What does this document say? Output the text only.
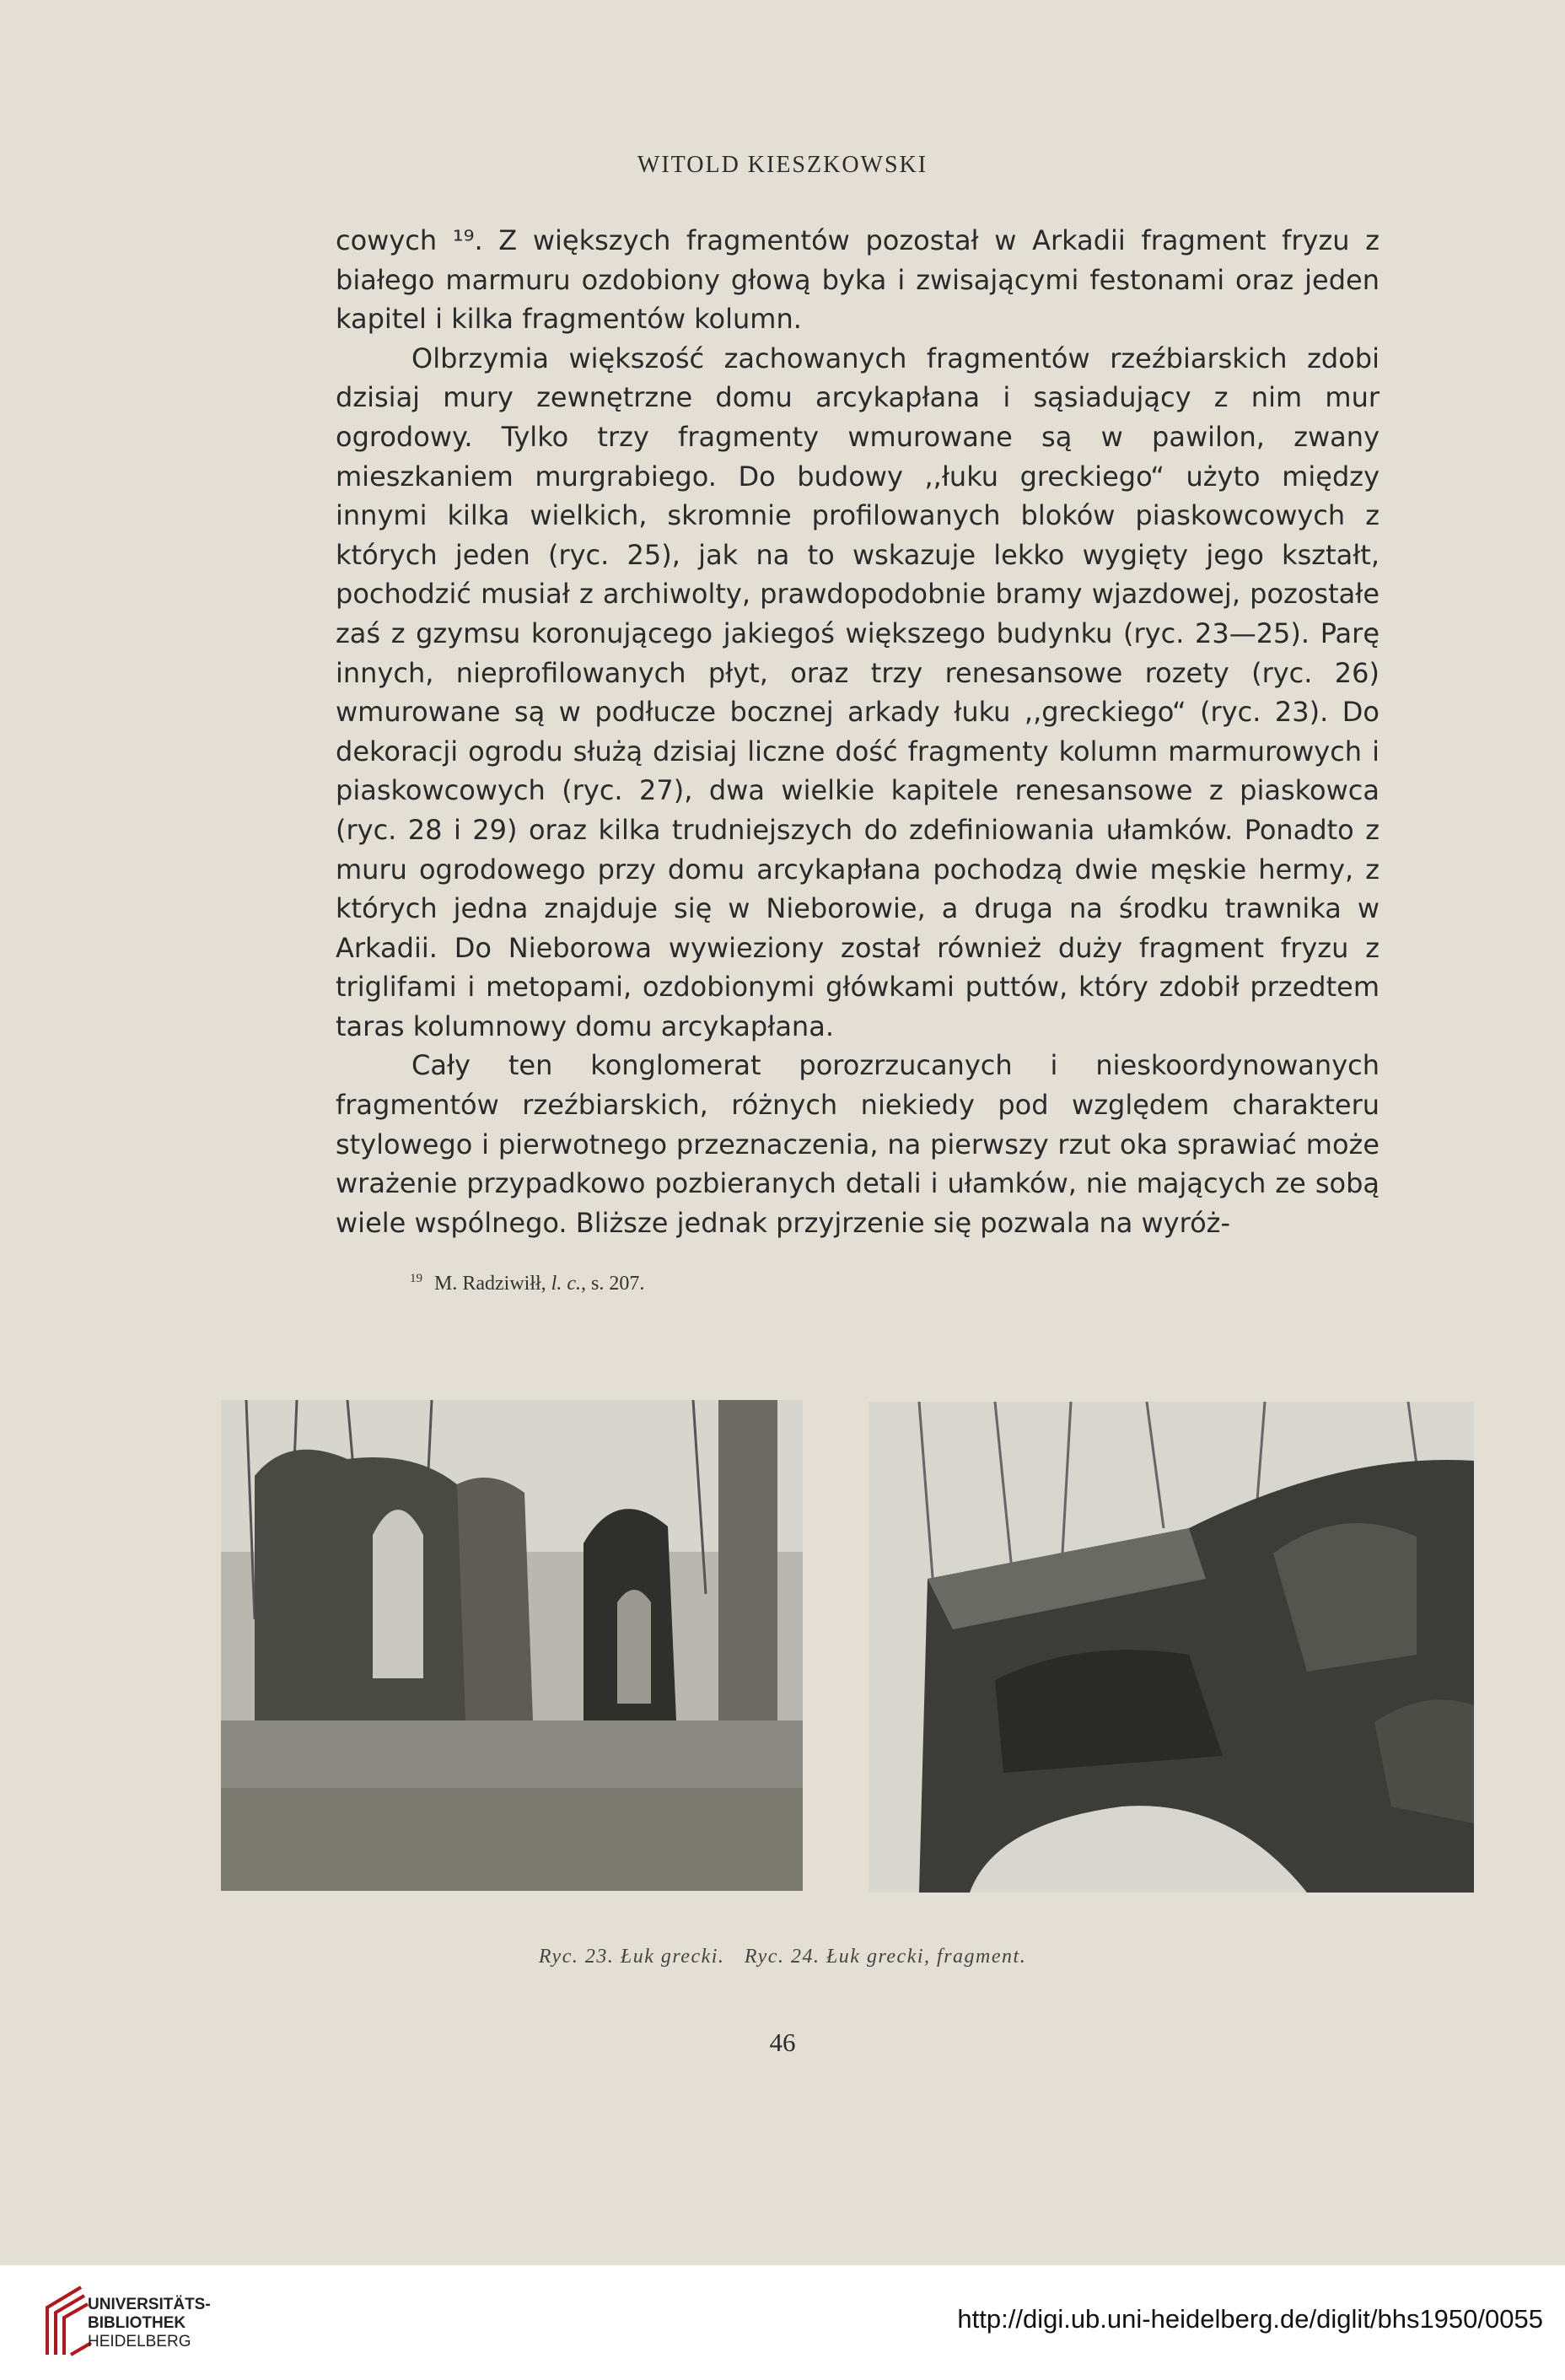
WITOLD KIESZKOWSKI

cowych ¹⁹. Z większych fragmentów pozostał w Arkadii fragment fryzu z białego marmuru ozdobiony głową byka i zwisającymi festonami oraz jeden kapitel i kilka fragmentów kolumn.

Olbrzymia większość zachowanych fragmentów rzeźbiarskich zdobi dzisiaj mury zewnętrzne domu arcykapłana i sąsiadujący z nim mur ogrodowy. Tylko trzy fragmenty wmurowane są w pawilon, zwany mieszkaniem murgrabiego. Do budowy ,,łuku greckiego“ użyto między innymi kilka wielkich, skromnie profilowanych bloków piaskowcowych z których jeden (ryc. 25), jak na to wskazuje lekko wygięty jego kształt, pochodzić musiał z archiwolty, prawdopodobnie bramy wjazdowej, pozostałe zaś z gzymsu koronującego jakiegoś większego budynku (ryc. 23—25). Parę innych, nieprofilowanych płyt, oraz trzy renesansowe rozety (ryc. 26) wmurowane są w podłucze bocznej arkady łuku ,,greckiego“ (ryc. 23). Do dekoracji ogrodu służą dzisiaj liczne dość fragmenty kolumn marmurowych i piaskowcowych (ryc. 27), dwa wielkie kapitele renesansowe z piaskowca (ryc. 28 i 29) oraz kilka trudniejszych do zdefiniowania ułamków. Ponadto z muru ogrodowego przy domu arcykapłana pochodzą dwie męskie hermy, z których jedna znajduje się w Nieborowie, a druga na środku trawnika w Arkadii. Do Nieborowa wywieziony został również duży fragment fryzu z triglifami i metopami, ozdobionymi główkami puttów, który zdobił przedtem taras kolumnowy domu arcykapłana.

Cały ten konglomerat porozrzucanych i nieskoordynowanych fragmentów rzeźbiarskich, różnych niekiedy pod względem charakteru stylowego i pierwotnego przeznaczenia, na pierwszy rzut oka sprawiać może wrażenie przypadkowo pozbieranych detali i ułamków, nie mających ze sobą wiele wspólnego. Bliższe jednak przyjrzenie się pozwala na wyróż-

$^{19}$ M. Radziwiłł, l. c., s. 207.
Ryc. 23. Łuk grecki. Ryc. 24. Łuk grecki, fragment.
46
UNIVERSITÄTS-
BIBLIOTHEK
HEIDELBERG
http://digi.ub.uni-heidelberg.de/diglit/bhs1950/0055
